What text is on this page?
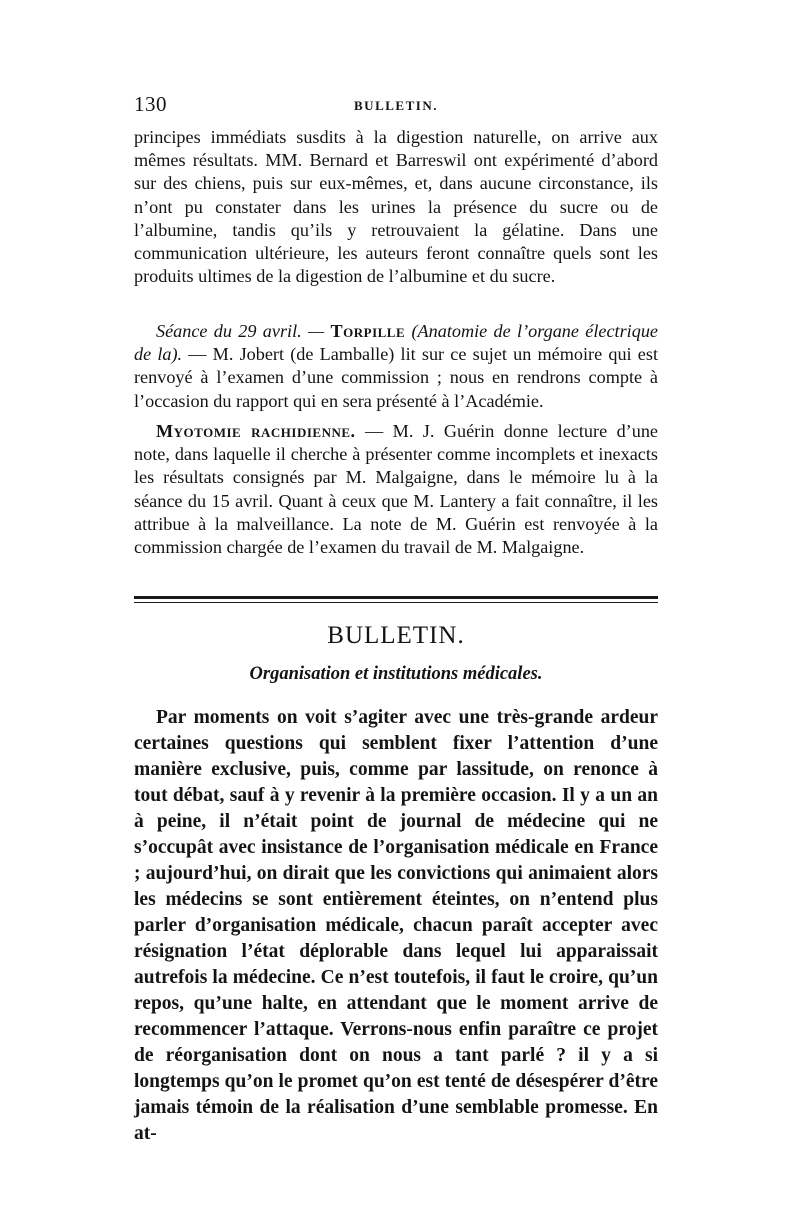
130	BULLETIN.

principes immédiats susdits à la digestion naturelle, on arrive aux mêmes résultats. MM. Bernard et Barreswil ont expérimenté d’abord sur des chiens, puis sur eux-mêmes, et, dans aucune circonstance, ils n’ont pu constater dans les urines la présence du sucre ou de l’albumine, tandis qu’ils y retrouvaient la gélatine. Dans une communication ultérieure, les auteurs feront connaître quels sont les produits ultimes de la digestion de l’albumine et du sucre.

Séance du 29 avril. — Torpille (Anatomie de l’organe électrique de la). — M. Jobert (de Lamballe) lit sur ce sujet un mémoire qui est renvoyé à l’examen d’une commission ; nous en rendrons compte à l’occasion du rapport qui en sera présenté à l’Académie.

Myotomie rachidienne. — M. J. Guérin donne lecture d’une note, dans laquelle il cherche à présenter comme incomplets et inexacts les résultats consignés par M. Malgaigne, dans le mémoire lu à la séance du 15 avril. Quant à ceux que M. Lantery a fait connaître, il les attribue à la malveillance. La note de M. Guérin est renvoyée à la commission chargée de l’examen du travail de M. Malgaigne.

BULLETIN.
Organisation et institutions médicales.

Par moments on voit s’agiter avec une très-grande ardeur certaines questions qui semblent fixer l’attention d’une manière exclusive, puis, comme par lassitude, on renonce à tout débat, sauf à y revenir à la première occasion. Il y a un an à peine, il n’était point de journal de médecine qui ne s’occupât avec insistance de l’organisation médicale en France ; aujourd’hui, on dirait que les convictions qui animaient alors les médecins se sont entièrement éteintes, on n’entend plus parler d’organisation médicale, chacun paraît accepter avec résignation l’état déplorable dans lequel lui apparaissait autrefois la médecine. Ce n’est toutefois, il faut le croire, qu’un repos, qu’une halte, en attendant que le moment arrive de recommencer l’attaque. Verrons-nous enfin paraître ce projet de réorganisation dont on nous a tant parlé ? il y a si longtemps qu’on le promet qu’on est tenté de désespérer d’être jamais témoin de la réalisation d’une semblable promesse. En at-
